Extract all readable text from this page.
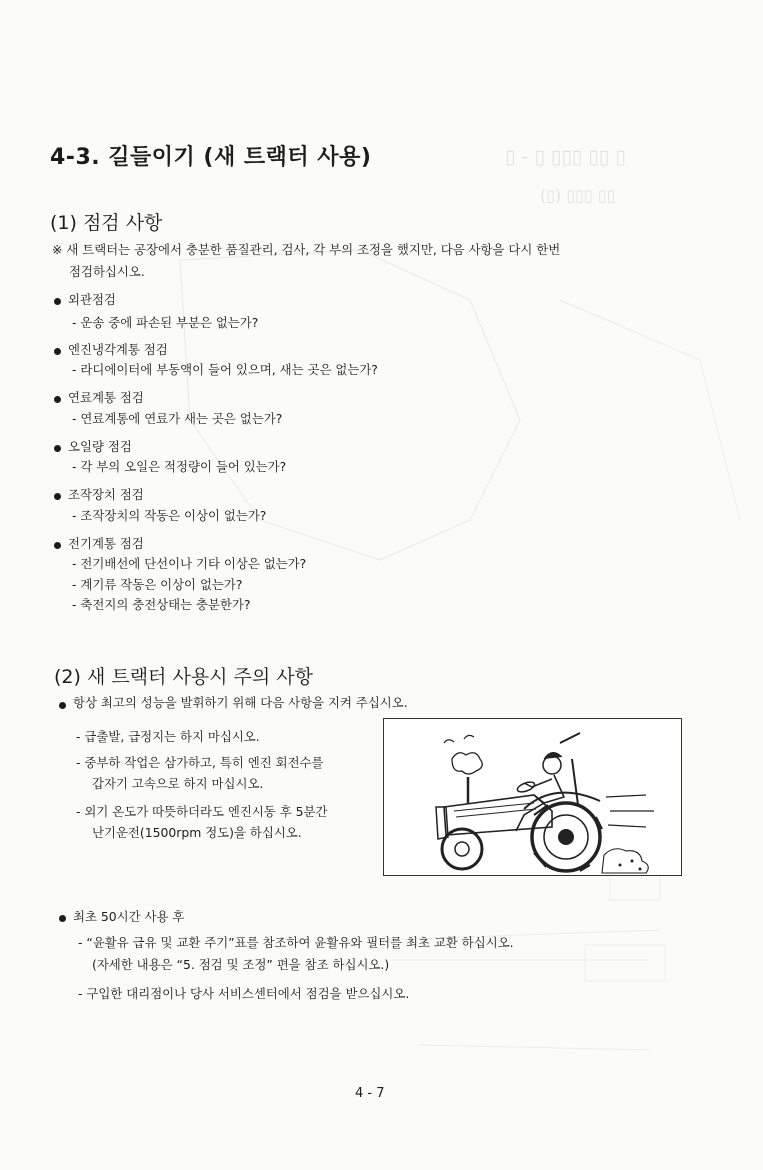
▯ - ▯ ▯▯▯ ▯▯ ▯
(▯) ▯▯▯ ▯▯
4-3. 길들이기 (새 트랙터 사용)
(1) 점검 사항
※ 새 트랙터는 공장에서 충분한 품질관리, 검사, 각 부의 조정을 했지만, 다음 사항을 다시 한번
점검하십시오.
외관점검
- 운송 중에 파손된 부분은 없는가?
엔진냉각계통 점검
- 라디에이터에 부동액이 들어 있으며, 새는 곳은 없는가?
연료계통 점검
- 연료계통에 연료가 새는 곳은 없는가?
오일량 점검
- 각 부의 오일은 적정량이 들어 있는가?
조작장치 점검
- 조작장치의 작동은 이상이 없는가?
전기계통 점검
- 전기배선에 단선이나 기타 이상은 없는가?
- 계기류 작동은 이상이 없는가?
- 축전지의 충전상태는 충분한가?
(2) 새 트랙터 사용시 주의 사항
항상 최고의 성능을 발휘하기 위해 다음 사항을 지켜 주십시오.
- 급출발, 급정지는 하지 마십시오.
- 중부하 작업은 삼가하고, 특히 엔진 회전수를
갑자기 고속으로 하지 마십시오.
- 외기 온도가 따뜻하더라도 엔진시동 후 5분간
난기운전(1500rpm 정도)을 하십시오.
최초 50시간 사용 후
- “윤활유 급유 및 교환 주기”표를 참조하여 윤활유와 필터를 최초 교환 하십시오.
(자세한 내용은 “5. 점검 및 조정” 편을 참조 하십시오.)
- 구입한 대리점이나 당사 서비스센터에서 점검을 받으십시오.
4 - 7
